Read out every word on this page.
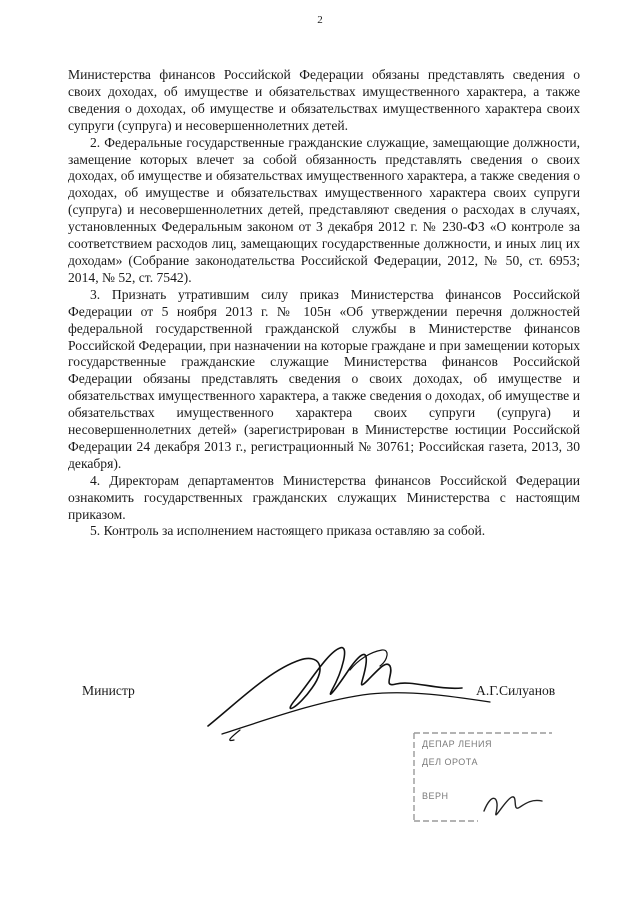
2

Министерства финансов Российской Федерации обязаны представлять сведения о своих доходах, об имуществе и обязательствах имущественного характера, а также сведения о доходах, об имуществе и обязательствах имущественного характера своих супруги (супруга) и несовершеннолетних детей.

2. Федеральные государственные гражданские служащие, замещающие должности, замещение которых влечет за собой обязанность представлять сведения о своих доходах, об имуществе и обязательствах имущественного характера, а также сведения о доходах, об имуществе и обязательствах имущественного характера своих супруги (супруга) и несовершеннолетних детей, представляют сведения о расходах в случаях, установленных Федеральным законом от 3 декабря 2012 г. № 230-ФЗ «О контроле за соответствием расходов лиц, замещающих государственные должности, и иных лиц их доходам» (Собрание законодательства Российской Федерации, 2012, № 50, ст. 6953; 2014, № 52, ст. 7542).

3. Признать утратившим силу приказ Министерства финансов Российской Федерации от 5 ноября 2013 г. № 105н «Об утверждении перечня должностей федеральной государственной гражданской службы в Министерстве финансов Российской Федерации, при назначении на которые граждане и при замещении которых государственные гражданские служащие Министерства финансов Российской Федерации обязаны представлять сведения о своих доходах, об имуществе и обязательствах имущественного характера, а также сведения о доходах, об имуществе и обязательствах имущественного характера своих супруги (супруга) и несовершеннолетних детей» (зарегистрирован в Министерстве юстиции Российской Федерации 24 декабря 2013 г., регистрационный № 30761; Российская газета, 2013, 30 декабря).

4. Директорам департаментов Министерства финансов Российской Федерации ознакомить государственных гражданских служащих Министерства с настоящим приказом.

5. Контроль за исполнением настоящего приказа оставляю за собой.

Министр	А.Г.Силуанов
ДЕПАР ЛЕНИЯ
ДЕЛ ОРОТА
ВЕРН
